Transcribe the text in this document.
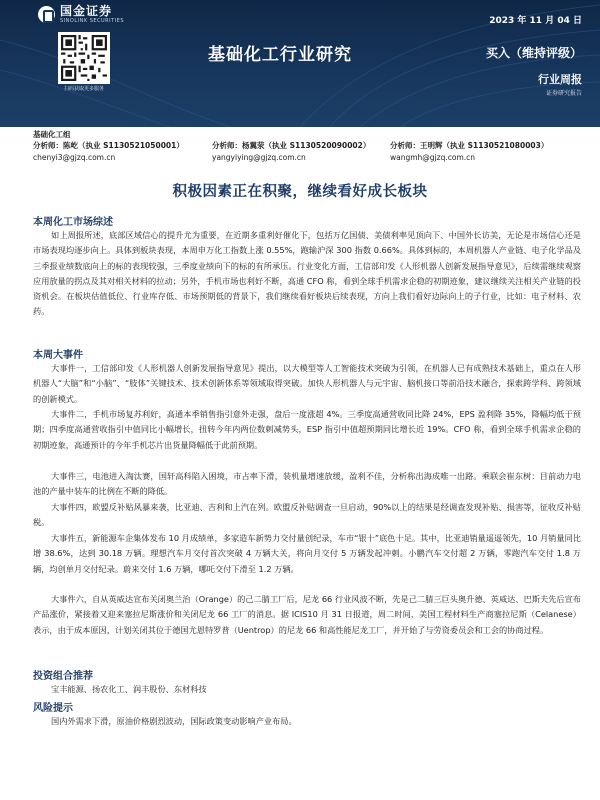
国金证券
SINOLINK SECURITIES
扫码获取更多服务
2023 年 11 月 04 日
基础化工行业研究	买入（维持评级）
行业周报
证券研究报告
基础化工组
分析师：陈屹（执业 S1130521050001）
chenyi3@gjzq.com.cn
分析师：杨翼荥（执业 S1130520090002）
yangyiying@gjzq.com.cn
分析师：王明辉（执业 S1130521080003）
wangmh@gjzq.com.cn
积极因素正在积聚，继续看好成长板块
本周化工市场综述

如上周报所述，底部区域信心的提升尤为重要，在近期多重利好催化下，包括万亿国债、美债利率见顶向下、中国外长访美，无论是市场信心还是市场表现均逐步向上。具体到板块表现，本周申万化工指数上涨 0.55%，跑输沪深 300 指数 0.66%。具体到标的，本周机器人产业链、电子化学品及三季报业绩数底向上的标的表现较强，三季度业绩向下的标的有所承压。行业变化方面，工信部印发《人形机器人创新发展指导意见》，后续需继续观察应用放量的拐点及其对相关材料的拉动；另外，手机市场也利好不断，高通 CFO 称，看到全球手机需求企稳的初期迹象，建议继续关注相关产业链的投资机会。在板块估值低位、行业库存低、市场预期低的背景下，我们继续看好板块后续表现，方向上我们看好边际向上的子行业，比如：电子材料、农药。

本周大事件

大事件一，工信部印发《人形机器人创新发展指导意见》提出，以大模型等人工智能技术突破为引领，在机器人已有成熟技术基础上，重点在人形机器人“大脑”和“小脑”、“肢体”关键技术、技术创新体系等领域取得突破。加快人形机器人与元宇宙、脑机接口等前沿技术融合，探索跨学科、跨领域的创新模式。

大事件二，手机市场复苏利好，高通本季销售指引意外走强，盘后一度涨超 4%。三季度高通营收同比降 24%，EPS 盈利降 35%，降幅均低于预期；四季度高通营收指引中值同比小幅增长，扭转今年内两位数刺减势头，ESP 指引中值超预期同比增长近 19%。CFO 称，看到全球手机需求企稳的初期迹象，高通预计的今年手机芯片出货量降幅低于此前预期。

大事件三，电池进入淘汰赛，国轩高科陷入困境，市占率下滑，装机量增速放缓，盈利不佳，分析称出海成唯一出路。乘联会崔东树：目前动力电池的产量中装车的比例在不断的降低。

大事件四，欧盟反补贴风暴来袭，比亚迪、吉利和上汽在列。欧盟反补贴调查一旦启动，90%以上的结果是经调查发现补贴、损害等，征收反补贴税。

大事件五，新能源车企集体发布 10 月成绩单，多家造车新势力交付量创纪录，车市“银十”底色十足。其中，比亚迪销量遥遥领先，10 月销量同比增 38.6%，达到 30.18 万辆。理想汽车月交付首次突破 4 万辆大关，将向月交付 5 万辆发起冲刺。小鹏汽车交付超 2 万辆，零跑汽车交付 1.8 万辆，均创单月交付纪录。蔚来交付 1.6 万辆，哪吒交付下滑至 1.2 万辆。

大事件六，自从英威达宣布关闭奥兰治（Orange）的己二腈工厂后，尼龙 66 行业风波不断，先是己二腈三巨头奥升德、英威达、巴斯夫先后宣布产品涨价，紧接着又迎来塞拉尼斯涨价和关闭尼龙 66 工厂的消息。据 ICIS10 月 31 日报道，周二时间，美国工程材料生产商塞拉尼斯（Celanese）表示，由于成本原因，计划关闭其位于德国尤恩特罗普（Uentrop）的尼龙 66 和高性能尼龙工厂，并开始了与劳资委员会和工会的协商过程。

投资组合推荐

宝丰能源、扬农化工、润丰股份、东材科技

风险提示

国内外需求下滑，原油价格剧烈波动，国际政策变动影响产业布局。
